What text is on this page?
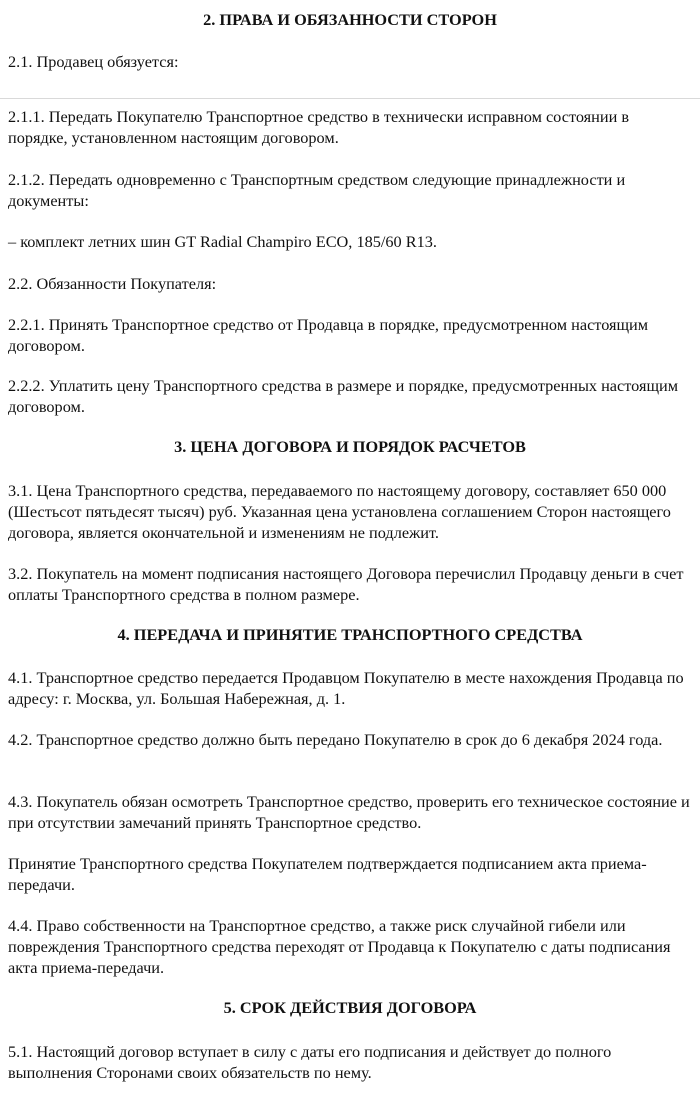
2. ПРАВА И ОБЯЗАННОСТИ СТОРОН

2.1. Продавец обязуется:

2.1.1. Передать Покупателю Транспортное средство в технически исправном состоянии в порядке, установленном настоящим договором.

2.1.2. Передать одновременно с Транспортным средством следующие принадлежности и документы:

– комплект летних шин GT Radial Champiro ECO, 185/60 R13.

2.2. Обязанности Покупателя:

2.2.1. Принять Транспортное средство от Продавца в порядке, предусмотренном настоящим договором.

2.2.2. Уплатить цену Транспортного средства в размере и порядке, предусмотренных настоящим договором.

3. ЦЕНА ДОГОВОРА И ПОРЯДОК РАСЧЕТОВ

3.1. Цена Транспортного средства, передаваемого по настоящему договору, составляет 650 000 (Шестьсот пятьдесят тысяч) руб. Указанная цена установлена соглашением Сторон настоящего договора, является окончательной и изменениям не подлежит.

3.2. Покупатель на момент подписания настоящего Договора перечислил Продавцу деньги в счет оплаты Транспортного средства в полном размере.

4. ПЕРЕДАЧА И ПРИНЯТИЕ ТРАНСПОРТНОГО СРЕДСТВА

4.1. Транспортное средство передается Продавцом Покупателю в месте нахождения Продавца по адресу: г. Москва, ул. Большая Набережная, д. 1.

4.2. Транспортное средство должно быть передано Покупателю в срок до 6 декабря 2024 года.

4.3. Покупатель обязан осмотреть Транспортное средство, проверить его техническое состояние и при отсутствии замечаний принять Транспортное средство.

Принятие Транспортного средства Покупателем подтверждается подписанием акта приема-передачи.

4.4. Право собственности на Транспортное средство, а также риск случайной гибели или повреждения Транспортного средства переходят от Продавца к Покупателю с даты подписания акта приема-передачи.

5. СРОК ДЕЙСТВИЯ ДОГОВОРА

5.1. Настоящий договор вступает в силу с даты его подписания и действует до полного выполнения Сторонами своих обязательств по нему.
